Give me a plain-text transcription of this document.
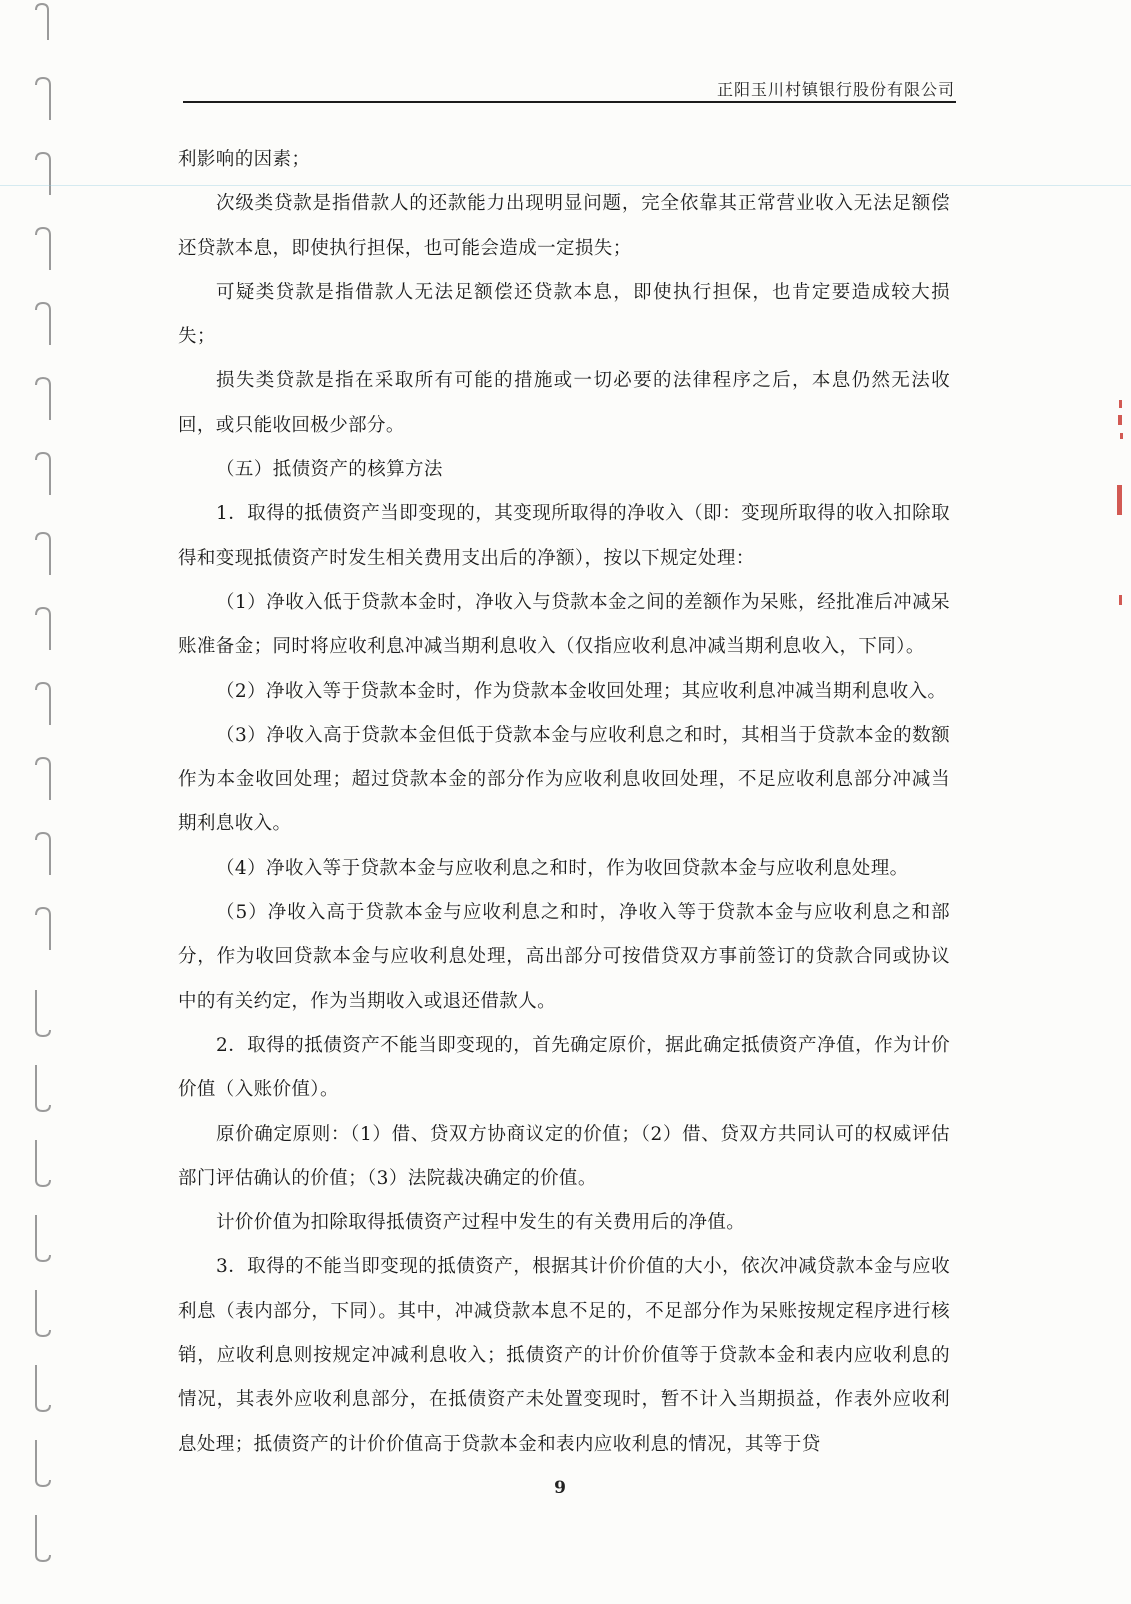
正阳玉川村镇银行股份有限公司

利影响的因素；

次级类贷款是指借款人的还款能力出现明显问题，完全依靠其正常营业收入无法足额偿还贷款本息，即使执行担保，也可能会造成一定损失；

可疑类贷款是指借款人无法足额偿还贷款本息，即使执行担保，也肯定要造成较大损失；

损失类贷款是指在采取所有可能的措施或一切必要的法律程序之后，本息仍然无法收回，或只能收回极少部分。

（五）抵债资产的核算方法

1．取得的抵债资产当即变现的，其变现所取得的净收入（即：变现所取得的收入扣除取得和变现抵债资产时发生相关费用支出后的净额），按以下规定处理：

（1）净收入低于贷款本金时，净收入与贷款本金之间的差额作为呆账，经批准后冲减呆账准备金；同时将应收利息冲减当期利息收入（仅指应收利息冲减当期利息收入，下同）。

（2）净收入等于贷款本金时，作为贷款本金收回处理；其应收利息冲减当期利息收入。

（3）净收入高于贷款本金但低于贷款本金与应收利息之和时，其相当于贷款本金的数额作为本金收回处理；超过贷款本金的部分作为应收利息收回处理，不足应收利息部分冲减当期利息收入。

（4）净收入等于贷款本金与应收利息之和时，作为收回贷款本金与应收利息处理。

（5）净收入高于贷款本金与应收利息之和时，净收入等于贷款本金与应收利息之和部分，作为收回贷款本金与应收利息处理，高出部分可按借贷双方事前签订的贷款合同或协议中的有关约定，作为当期收入或退还借款人。

2．取得的抵债资产不能当即变现的，首先确定原价，据此确定抵债资产净值，作为计价价值（入账价值）。

原价确定原则：（1）借、贷双方协商议定的价值；（2）借、贷双方共同认可的权威评估部门评估确认的价值；（3）法院裁决确定的价值。

计价价值为扣除取得抵债资产过程中发生的有关费用后的净值。

3．取得的不能当即变现的抵债资产，根据其计价价值的大小，依次冲减贷款本金与应收利息（表内部分，下同）。其中，冲减贷款本息不足的，不足部分作为呆账按规定程序进行核销，应收利息则按规定冲减利息收入；抵债资产的计价价值等于贷款本金和表内应收利息的情况，其表外应收利息部分，在抵债资产未处置变现时，暂不计入当期损益，作表外应收利息处理；抵债资产的计价价值高于贷款本金和表内应收利息的情况，其等于贷

9
